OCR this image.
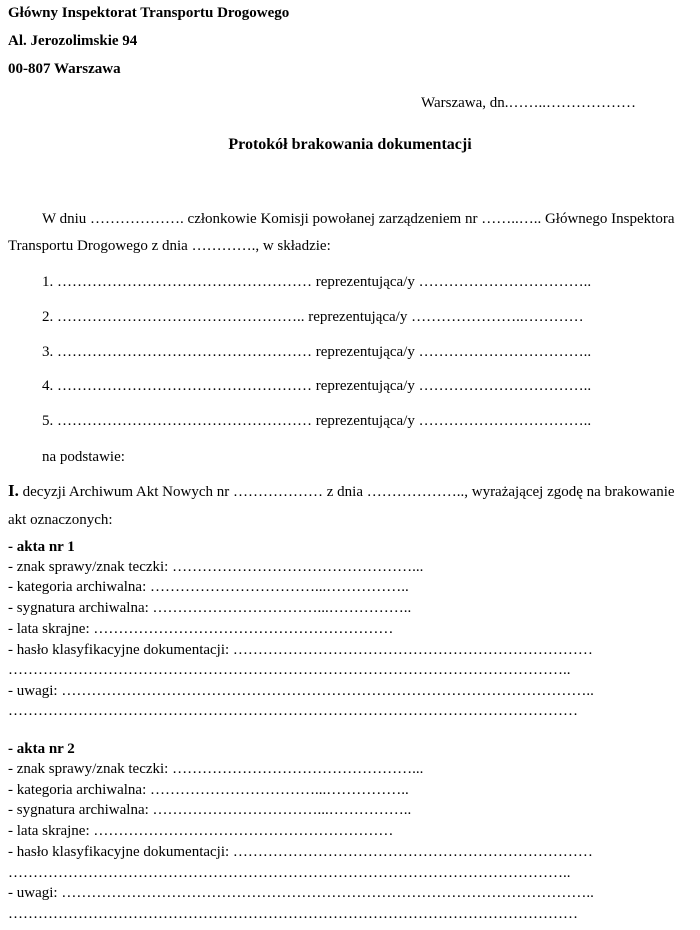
Główny Inspektorat Transportu Drogowego
Al. Jerozolimskie 94
00-807 Warszawa
Warszawa, dn.……..………………
Protokół brakowania dokumentacji
W dniu ………………. członkowie Komisji powołanej zarządzeniem nr ……..….. Głównego Inspektora
Transportu Drogowego z dnia …………., w składzie:
1. …………………………………………… reprezentująca/y ……………………………..
2. ………………………………………….. reprezentująca/y …………………..…………
3. …………………………………………… reprezentująca/y ……………………………..
4. …………………………………………… reprezentująca/y ……………………………..
5. …………………………………………… reprezentująca/y ……………………………..
na podstawie:
I. decyzji Archiwum Akt Nowych nr ……………… z dnia ……………….., wyrażającej zgodę na brakowanie
akt oznaczonych:
- akta nr 1
- znak sprawy/znak teczki: …………………………………………...
- kategoria archiwalna: ……………………………...……………..
- sygnatura archiwalna: ……………………………...……………..
- lata skrajne: ……………………………………………………
- hasło klasyfikacyjne dokumentacji: ………………………………………………………………
…………………………………………………………………………………………………..
- uwagi: ……………………………………………………………………………………………..
……………………………………………………………………………………………………
- akta nr 2
- znak sprawy/znak teczki: …………………………………………...
- kategoria archiwalna: ……………………………...……………..
- sygnatura archiwalna: ……………………………...……………..
- lata skrajne: ……………………………………………………
- hasło klasyfikacyjne dokumentacji: ………………………………………………………………
…………………………………………………………………………………………………..
- uwagi: ……………………………………………………………………………………………..
……………………………………………………………………………………………………
